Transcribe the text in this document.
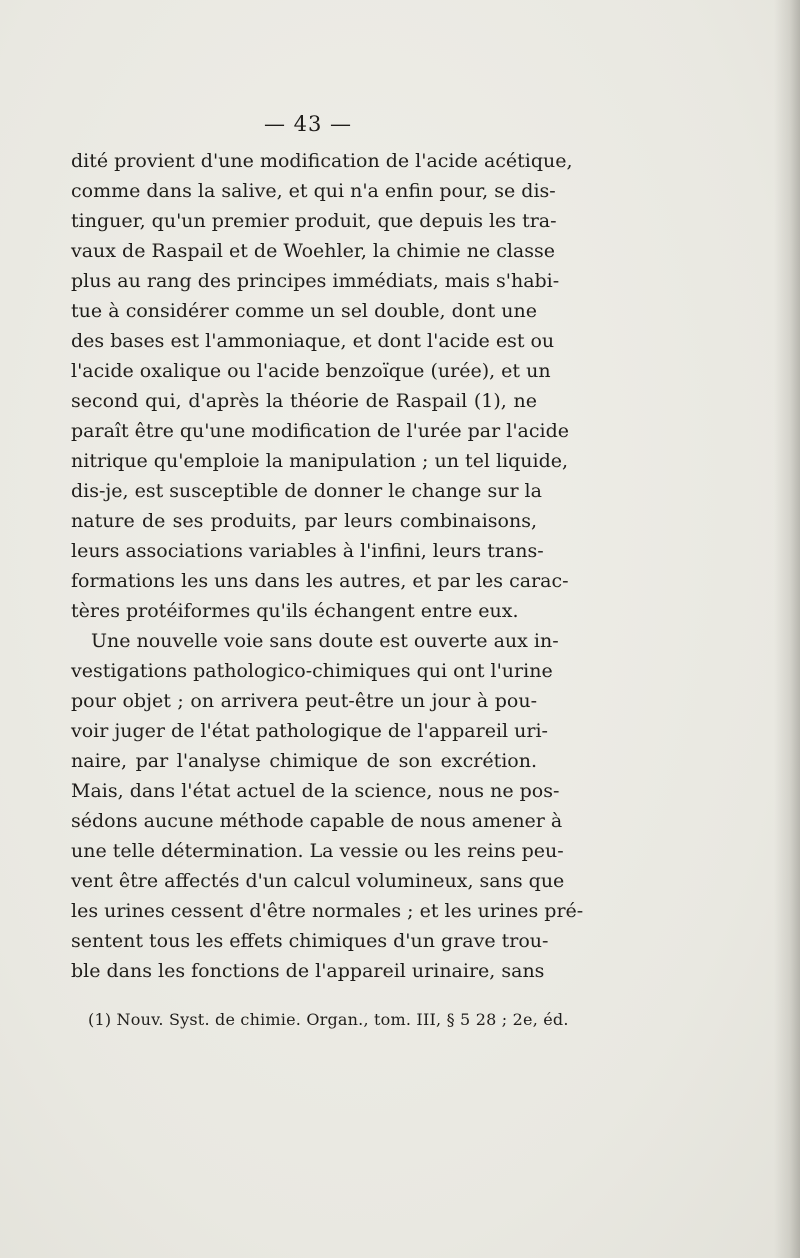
— 43 —
dité provient d'une modification de l'acide acétique,
comme dans la salive, et qui n'a enfin pour, se dis-
tinguer, qu'un premier produit, que depuis les tra-
vaux de Raspail et de Woehler, la chimie ne classe
plus au rang des principes immédiats, mais s'habi-
tue à considérer comme un sel double, dont une
des bases est l'ammoniaque, et dont l'acide est ou
l'acide oxalique ou l'acide benzoïque (urée), et un
second qui, d'après la théorie de Raspail (1), ne
paraît être qu'une modification de l'urée par l'acide
nitrique qu'emploie la manipulation ; un tel liquide,
dis-je, est susceptible de donner le change sur la
nature de ses produits, par leurs combinaisons,
leurs associations variables à l'infini, leurs trans-
formations les uns dans les autres, et par les carac-
tères protéiformes qu'ils échangent entre eux.
Une nouvelle voie sans doute est ouverte aux in-
vestigations pathologico-chimiques qui ont l'urine
pour objet ; on arrivera peut-être un jour à pou-
voir juger de l'état pathologique de l'appareil uri-
naire, par l'analyse chimique de son excrétion.
Mais, dans l'état actuel de la science, nous ne pos-
sédons aucune méthode capable de nous amener à
une telle détermination. La vessie ou les reins peu-
vent être affectés d'un calcul volumineux, sans que
les urines cessent d'être normales ; et les urines pré-
sentent tous les effets chimiques d'un grave trou-
ble dans les fonctions de l'appareil urinaire, sans
(1) Nouv. Syst. de chimie. Organ., tom. III, § 5 28 ; 2e, éd.
